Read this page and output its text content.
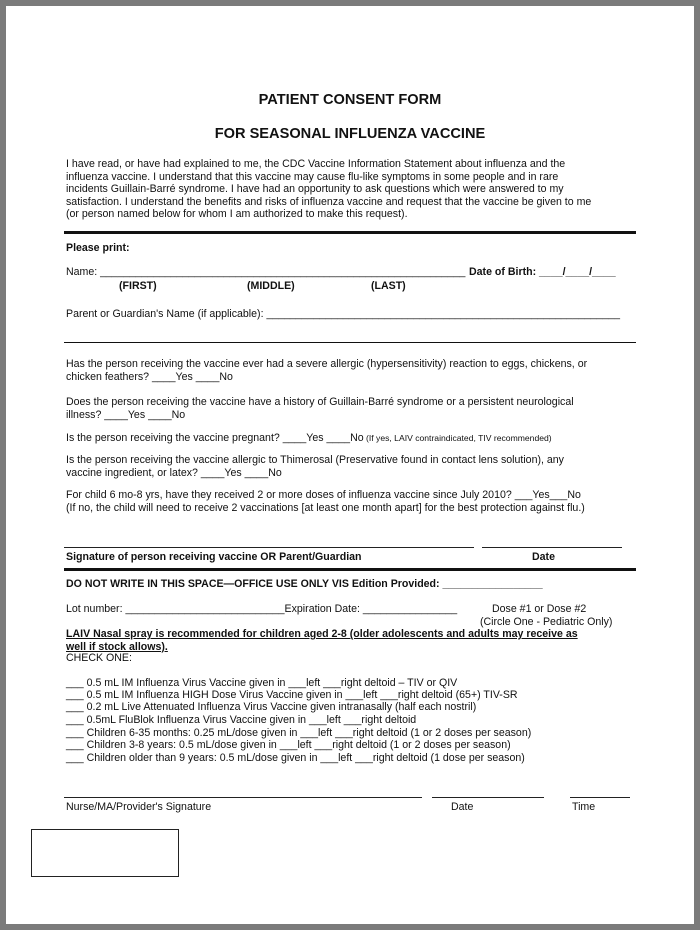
PATIENT CONSENT FORM
FOR SEASONAL INFLUENZA VACCINE

I have read, or have had explained to me, the CDC Vaccine Information Statement about influenza and the
influenza vaccine. I understand that this vaccine may cause flu-like symptoms in some people and in rare
incidents Guillain-Barré syndrome. I have had an opportunity to ask questions which were answered to my
satisfaction. I understand the benefits and risks of influenza vaccine and request that the vaccine be given to me
(or person named below for whom I am authorized to make this request).

Please print:
Name: ______________________________________________________________ Date of Birth: ____/____/____
(FIRST)	(MIDDLE)	(LAST)
Parent or Guardian's Name (if applicable): ____________________________________________________________

Has the person receiving the vaccine ever had a severe allergic (hypersensitivity) reaction to eggs, chickens, or
chicken feathers? ____Yes ____No

Does the person receiving the vaccine have a history of Guillain-Barré syndrome or a persistent neurological
illness? ____Yes ____No

Is the person receiving the vaccine pregnant? ____Yes ____No (If yes, LAIV contraindicated, TIV recommended)

Is the person receiving the vaccine allergic to Thimerosal (Preservative found in contact lens solution), any
vaccine ingredient, or latex? ____Yes ____No

For child 6 mo-8 yrs, have they received 2 or more doses of influenza vaccine since July 2010? ___Yes___No
(If no, the child will need to receive 2 vaccinations [at least one month apart] for the best protection against flu.)

Signature of person receiving vaccine OR Parent/Guardian	Date
DO NOT WRITE IN THIS SPACE—OFFICE USE ONLY VIS Edition Provided: _________________
Lot number: ___________________________Expiration Date: ________________	Dose #1 or Dose #2
(Circle One - Pediatric Only)

LAIV Nasal spray is recommended for children aged 2-8 (older adolescents and adults may receive as
well if stock allows).

CHECK ONE:
___ 0.5 mL IM Influenza Virus Vaccine given in ___left ___right deltoid – TIV or QIV
___ 0.5 mL IM Influenza HIGH Dose Virus Vaccine given in ___left ___right deltoid (65+) TIV-SR
___ 0.2 mL Live Attenuated Influenza Virus Vaccine given intranasally (half each nostril)
___ 0.5mL FluBlok Influenza Virus Vaccine given in ___left ___right deltoid
___ Children 6-35 months: 0.25 mL/dose given in ___left ___right deltoid (1 or 2 doses per season)
___ Children 3-8 years: 0.5 mL/dose given in ___left ___right deltoid (1 or 2 doses per season)
___ Children older than 9 years: 0.5 mL/dose given in ___left ___right deltoid (1 dose per season)
Nurse/MA/Provider's Signature	Date	Time
